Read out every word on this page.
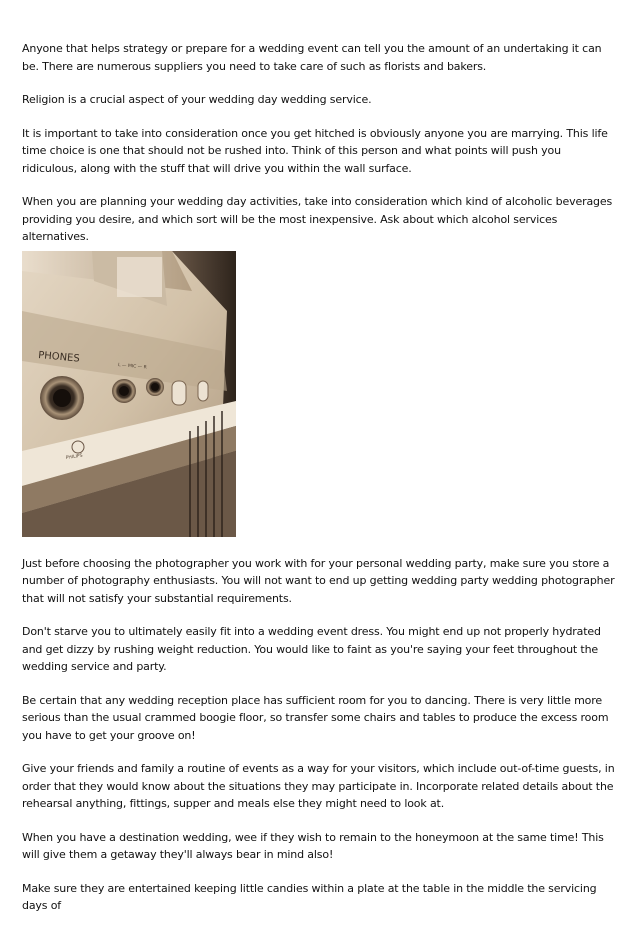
Anyone that helps strategy or prepare for a wedding event can tell you the amount of an undertaking it can be. There are numerous suppliers you need to take care of such as florists and bakers.

Religion is a crucial aspect of your wedding day wedding service.

It is important to take into consideration once you get hitched is obviously anyone you are marrying. This life time choice is one that should not be rushed into. Think of this person and what points will push you ridiculous, along with the stuff that will drive you within the wall surface.

When you are planning your wedding day activities, take into consideration which kind of alcoholic beverages providing you desire, and which sort will be the most inexpensive. Ask about which alcohol services alternatives.

PHONES
L — MIC — R
PHILIPS

Just before choosing the photographer you work with for your personal wedding party, make sure you store a number of photography enthusiasts. You will not want to end up getting wedding party wedding photographer that will not satisfy your substantial requirements.

Don't starve you to ultimately easily fit into a wedding event dress. You might end up not properly hydrated and get dizzy by rushing weight reduction. You would like to faint as you're saying your feet throughout the wedding service and party.

Be certain that any wedding reception place has sufficient room for you to dancing. There is very little more serious than the usual crammed boogie floor, so transfer some chairs and tables to produce the excess room you have to get your groove on!

Give your friends and family a routine of events as a way for your visitors, which include out-of-time guests, in order that they would know about the situations they may participate in. Incorporate related details about the rehearsal anything, fittings, supper and meals else they might need to look at.

When you have a destination wedding, wee if they wish to remain to the honeymoon at the same time! This will give them a getaway they'll always bear in mind also!

Make sure they are entertained keeping little candies within a plate at the table in the middle the servicing days of
